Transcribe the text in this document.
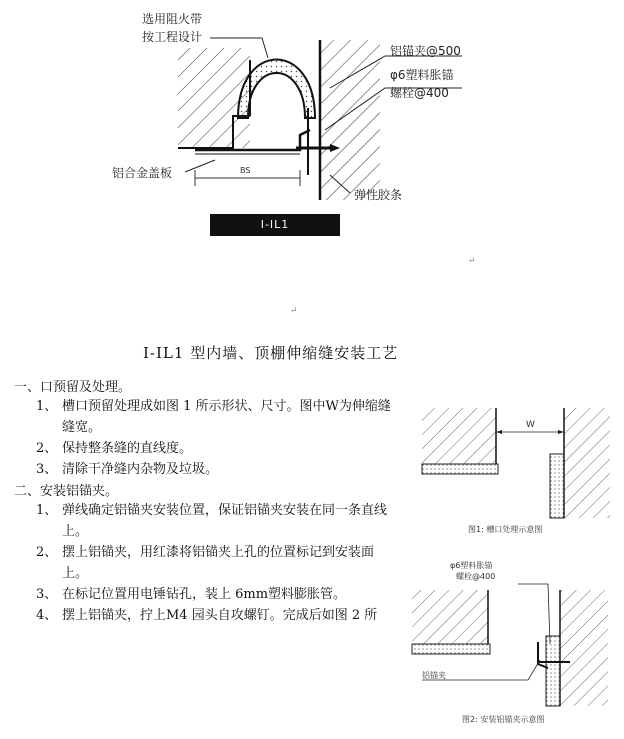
选用阻火带
按工程设计
铝锚夹@500
φ6塑料胀锚
螺栓@400
铝合金盖板	BS
弹性胶条
I-IL1
↵
↵
I-IL1 型内墙、顶棚伸缩缝安装工艺
一、口预留及处理。
1、 槽口预留处理成如图 1 所示形状、尺寸。图中W为伸缩缝缝宽。
2、 保持整条缝的直线度。
3、 清除干净缝内杂物及垃圾。
二、安装铝锚夹。
1、 弹线确定铝锚夹安装位置，保证铝锚夹安装在同一条直线上。
2、 摆上铝锚夹，用红漆将铝锚夹上孔的位置标记到安装面上。
3、 在标记位置用电锤钻孔，装上 6mm塑料膨胀管。
4、 摆上铝锚夹，拧上M4 园头自攻螺钉。完成后如图 2 所
W
图1: 槽口处理示意图
φ6塑料胀锚
螺栓@400
铝锚夹
图2: 安装铝锚夹示意图
